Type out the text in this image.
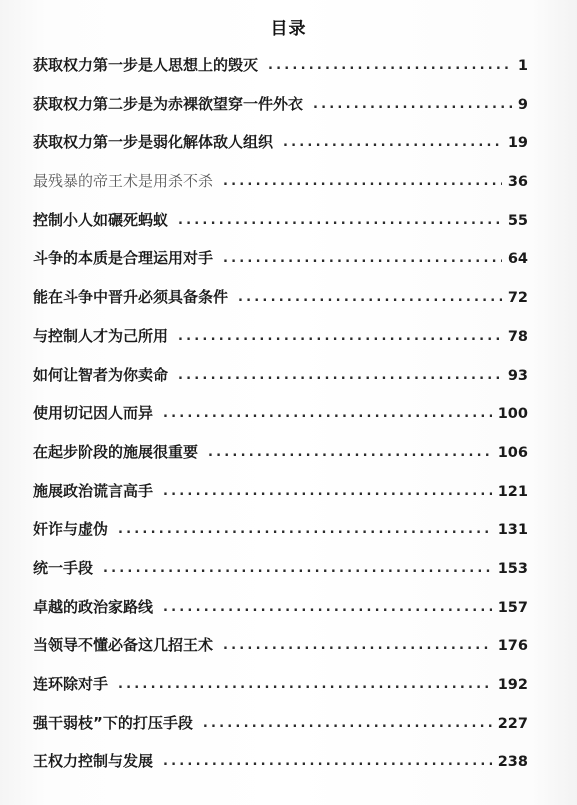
目录
获取权力第一步是人思想上的毁灭 .....	1
获取权力第二步是为赤裸欲望穿一件外衣 .....	9
获取权力第一步是弱化解体敌人组织 .....	19
最残暴的帝王术是用杀不杀 .....	36
控制小人如碾死蚂蚁 .....	55
斗争的本质是合理运用对手 .....	64
能在斗争中晋升必须具备条件 .....	72
与控制人才为己所用 .....	78
如何让智者为你卖命 .....	93
使用切记因人而异 .....	100
在起步阶段的施展很重要 .....	106
施展政治谎言高手 .....	121
奸诈与虚伪 .....	131
统一手段 .....	153
卓越的政治家路线 .....	157
当领导不懂必备这几招王术 .....	176
连环除对手 .....	192
强干弱枝”下的打压手段 .....	227
王权力控制与发展 .....	238
